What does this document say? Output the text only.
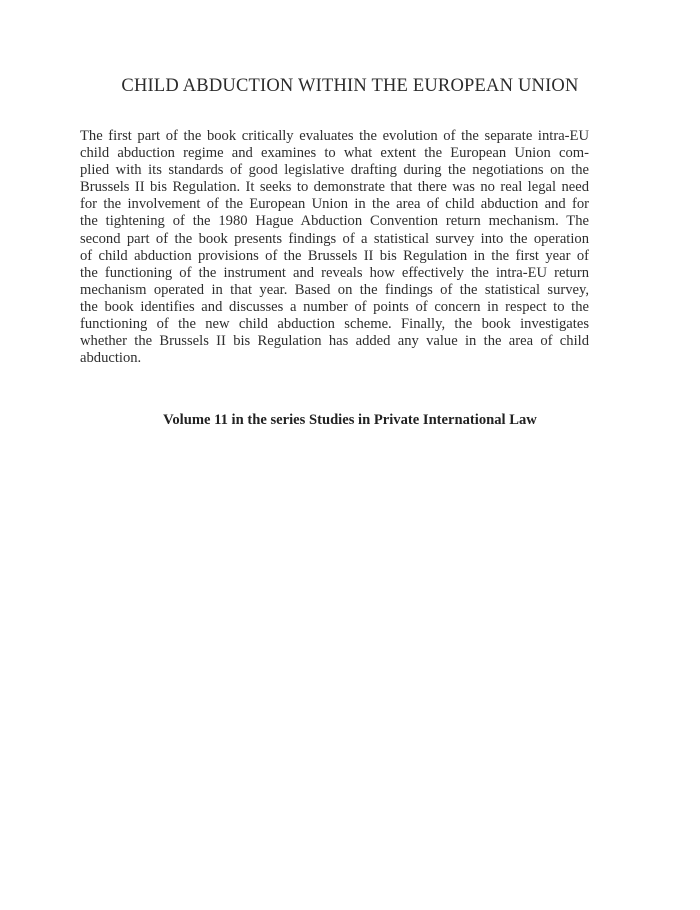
CHILD ABDUCTION WITHIN THE EUROPEAN UNION
The first part of the book critically evaluates the evolution of the separate intra-EU
child abduction regime and examines to what extent the European Union com-
plied with its standards of good legislative drafting during the negotiations on the
Brussels II bis Regulation. It seeks to demonstrate that there was no real legal need
for the involvement of the European Union in the area of child abduction and for
the tightening of the 1980 Hague Abduction Convention return mechanism. The
second part of the book presents findings of a statistical survey into the operation
of child abduction provisions of the Brussels II bis Regulation in the first year of
the functioning of the instrument and reveals how effectively the intra-EU return
mechanism operated in that year. Based on the findings of the statistical survey,
the book identifies and discusses a number of points of concern in respect to the
functioning of the new child abduction scheme. Finally, the book investigates
whether the Brussels II bis Regulation has added any value in the area of child
abduction.

Volume 11 in the series Studies in Private International Law
